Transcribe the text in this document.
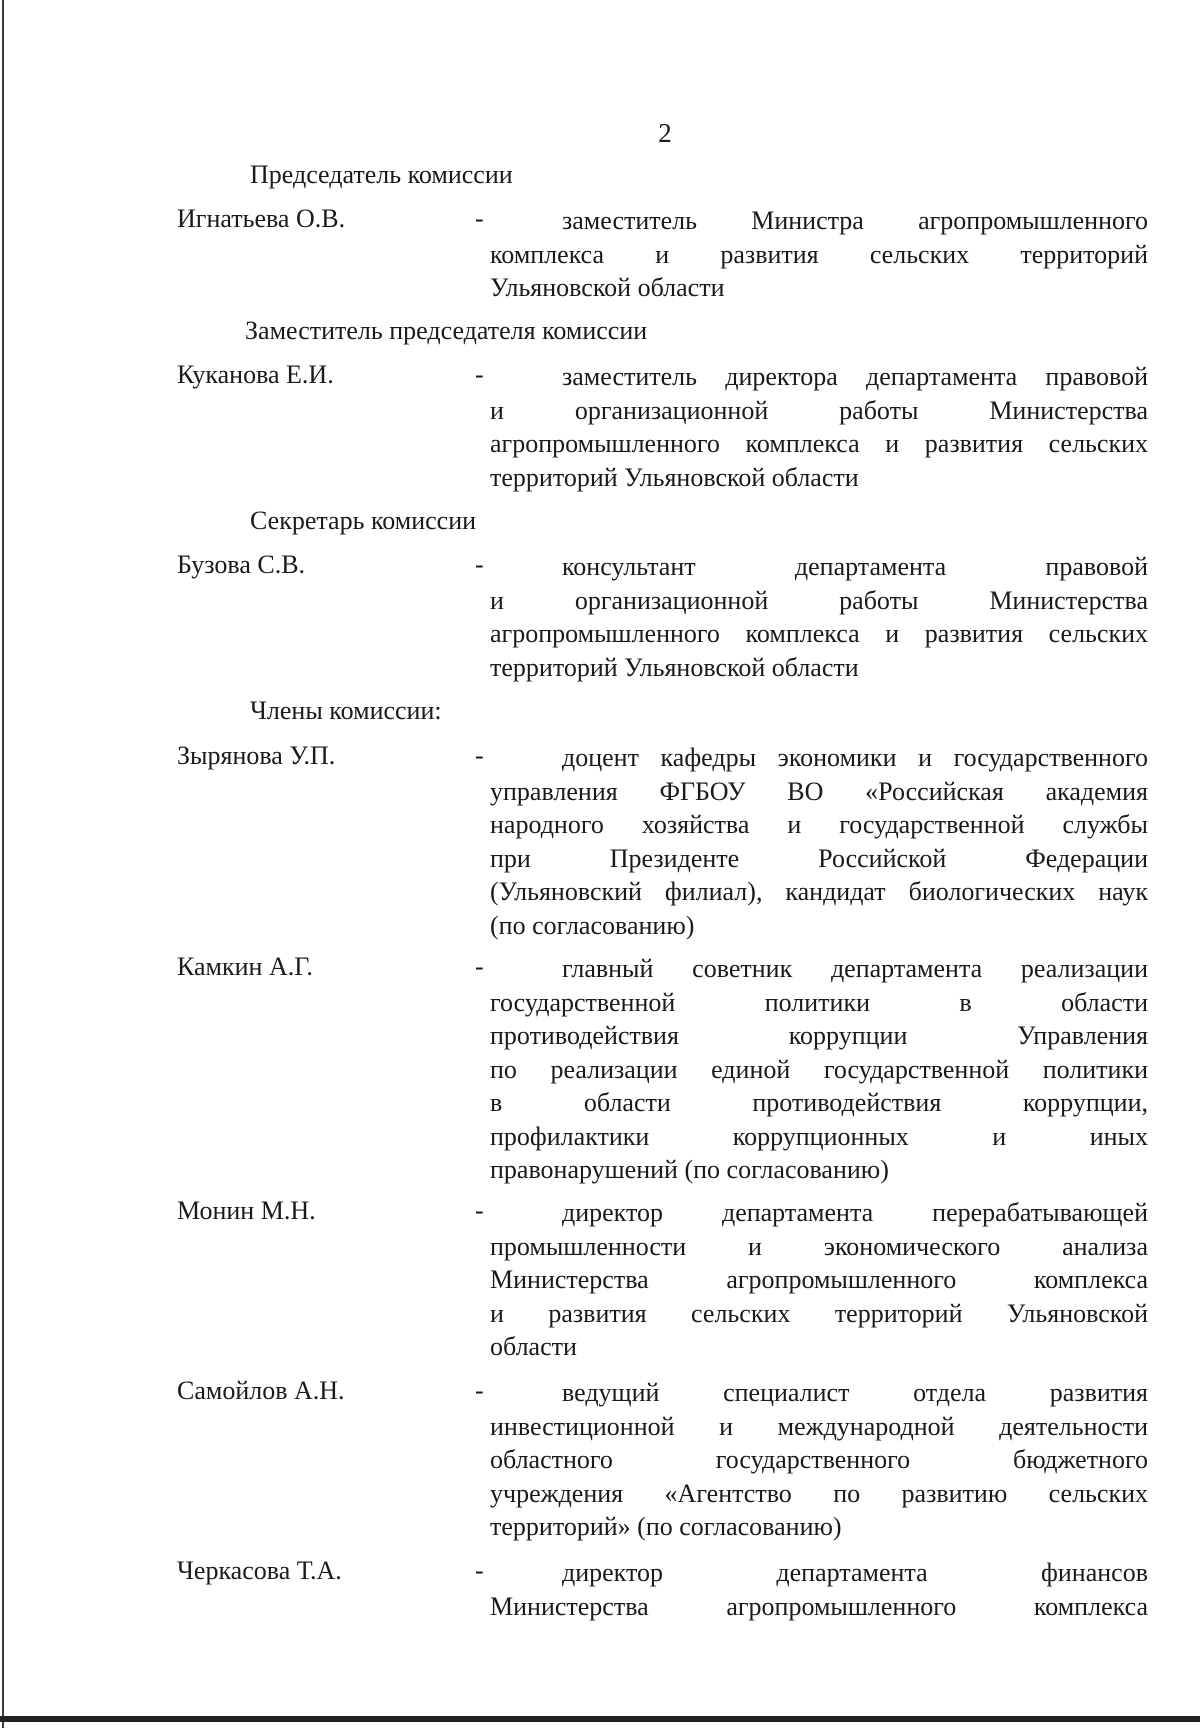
2
Председатель комиссии
Игнатьева О.В.	-	заместитель Министра агропромышленного
комплекса и развития сельских территорий
Ульяновской области
Заместитель председателя комиссии
Куканова Е.И.	-	заместитель директора департамента правовой
и организационной работы Министерства
агропромышленного комплекса и развития сельских
территорий Ульяновской области
Секретарь комиссии
Бузова С.В.	-	консультант департамента правовой
и организационной работы Министерства
агропромышленного комплекса и развития сельских
территорий Ульяновской области
Члены комиссии:
Зырянова У.П.	-	доцент кафедры экономики и государственного
управления ФГБОУ ВО «Российская академия
народного хозяйства и государственной службы
при Президенте Российской Федерации
(Ульяновский филиал), кандидат биологических наук
(по согласованию)
Камкин А.Г.	-	главный советник департамента реализации
государственной политики в области
противодействия коррупции Управления
по реализации единой государственной политики
в области противодействия коррупции,
профилактики коррупционных и иных
правонарушений (по согласованию)
Монин М.Н.	-	директор департамента перерабатывающей
промышленности и экономического анализа
Министерства агропромышленного комплекса
и развития сельских территорий Ульяновской
области
Самойлов А.Н.	-	ведущий специалист отдела развития
инвестиционной и международной деятельности
областного государственного бюджетного
учреждения «Агентство по развитию сельских
территорий» (по согласованию)
Черкасова Т.А.	-	директор департамента финансов
Министерства агропромышленного комплекса
